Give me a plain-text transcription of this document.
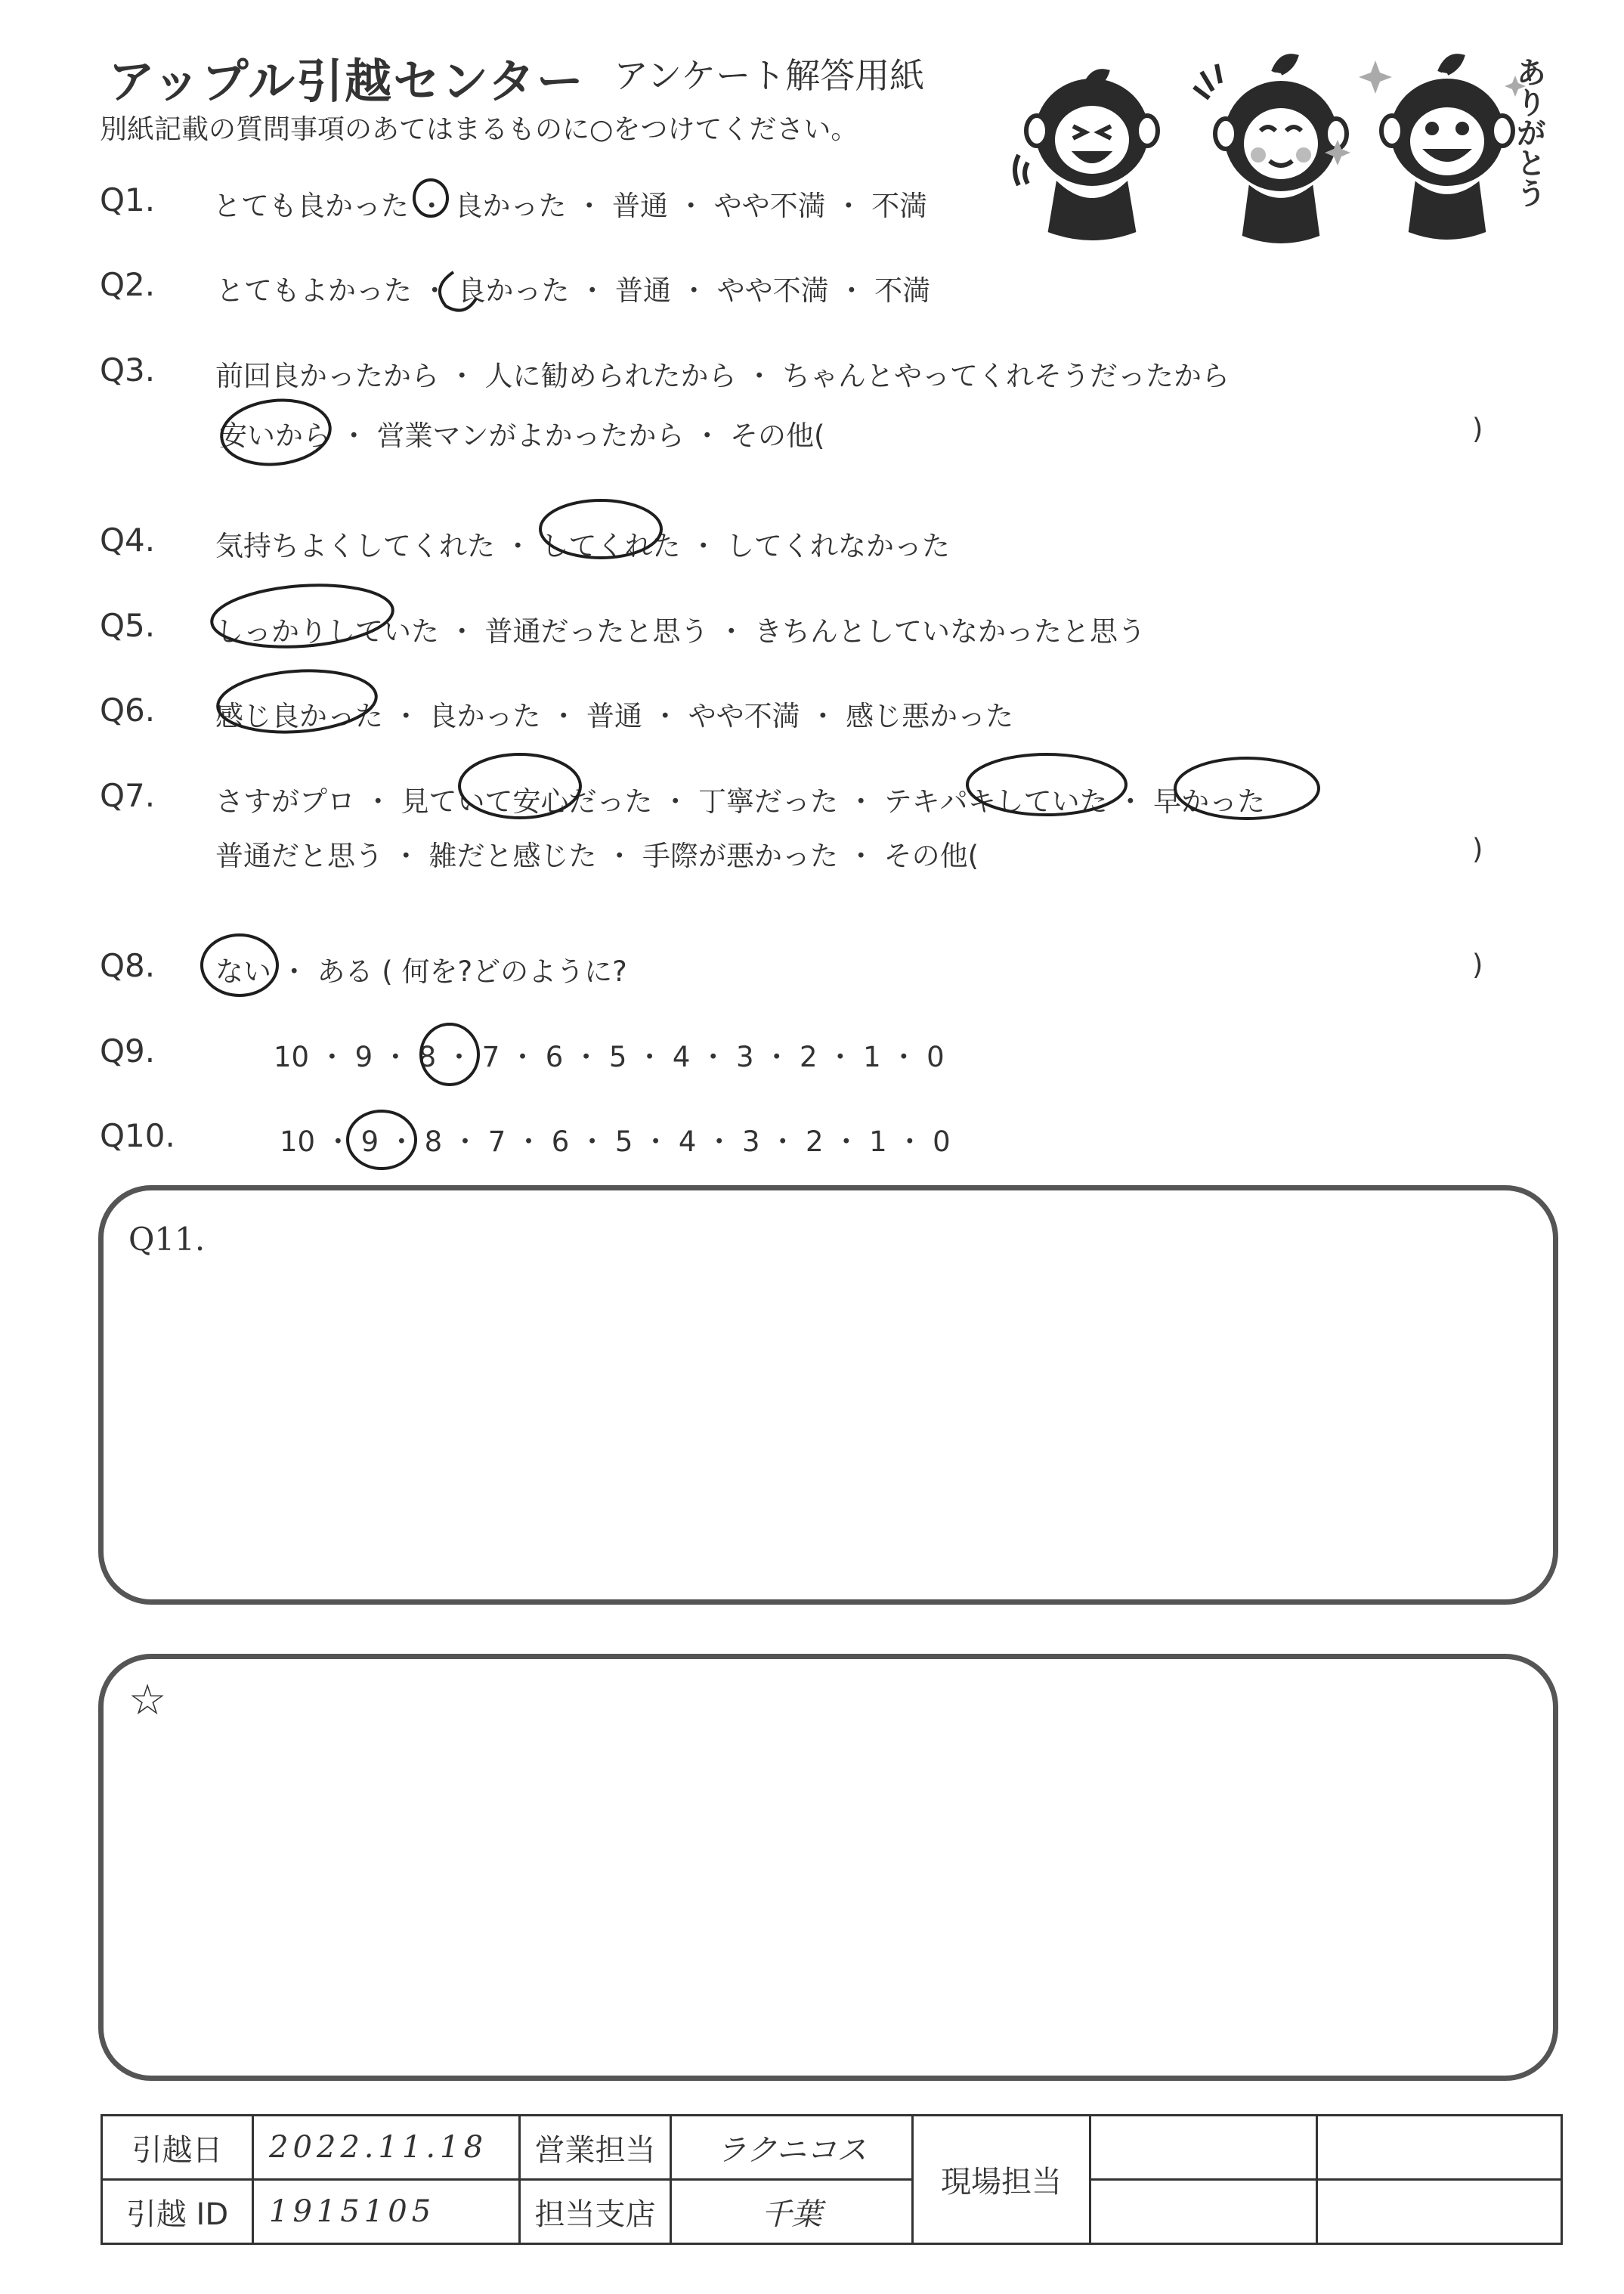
アップル引越センター アンケート解答用紙
別紙記載の質問事項のあてはまるものに○をつけてください。	ありがとう
Q1. とても良かった ・ 良かった ・ 普通 ・ やや不満 ・ 不満
Q2. とてもよかった ・ 良かった ・ 普通 ・ やや不満 ・ 不満
Q3. 前回良かったから ・ 人に勧められたから ・ ちゃんとやってくれそうだったから
安いから ・ 営業マンがよかったから ・ その他(	)
Q4. 気持ちよくしてくれた ・ してくれた ・ してくれなかった
Q5. しっかりしていた ・ 普通だったと思う ・ きちんとしていなかったと思う
Q6. 感じ良かった ・ 良かった ・ 普通 ・ やや不満 ・ 感じ悪かった
Q7. さすがプロ ・ 見ていて安心だった ・ 丁寧だった ・ テキパキしていた ・ 早かった
普通だと思う ・ 雑だと感じた ・ 手際が悪かった ・ その他(	)
Q8. ない ・ ある ( 何を?どのように?	)
Q9.	10 ・ 9 ・ 8 ・ 7 ・ 6 ・ 5 ・ 4 ・ 3 ・ 2 ・ 1 ・ 0
Q10.	10 ・ 9 ・ 8 ・ 7 ・ 6 ・ 5 ・ 4 ・ 3 ・ 2 ・ 1 ・ 0
Q11.
☆
引越日	2022.11.18	営業担当	ラクニコス	現場担当		
引越 ID	1915105	担当支店	千葉			
